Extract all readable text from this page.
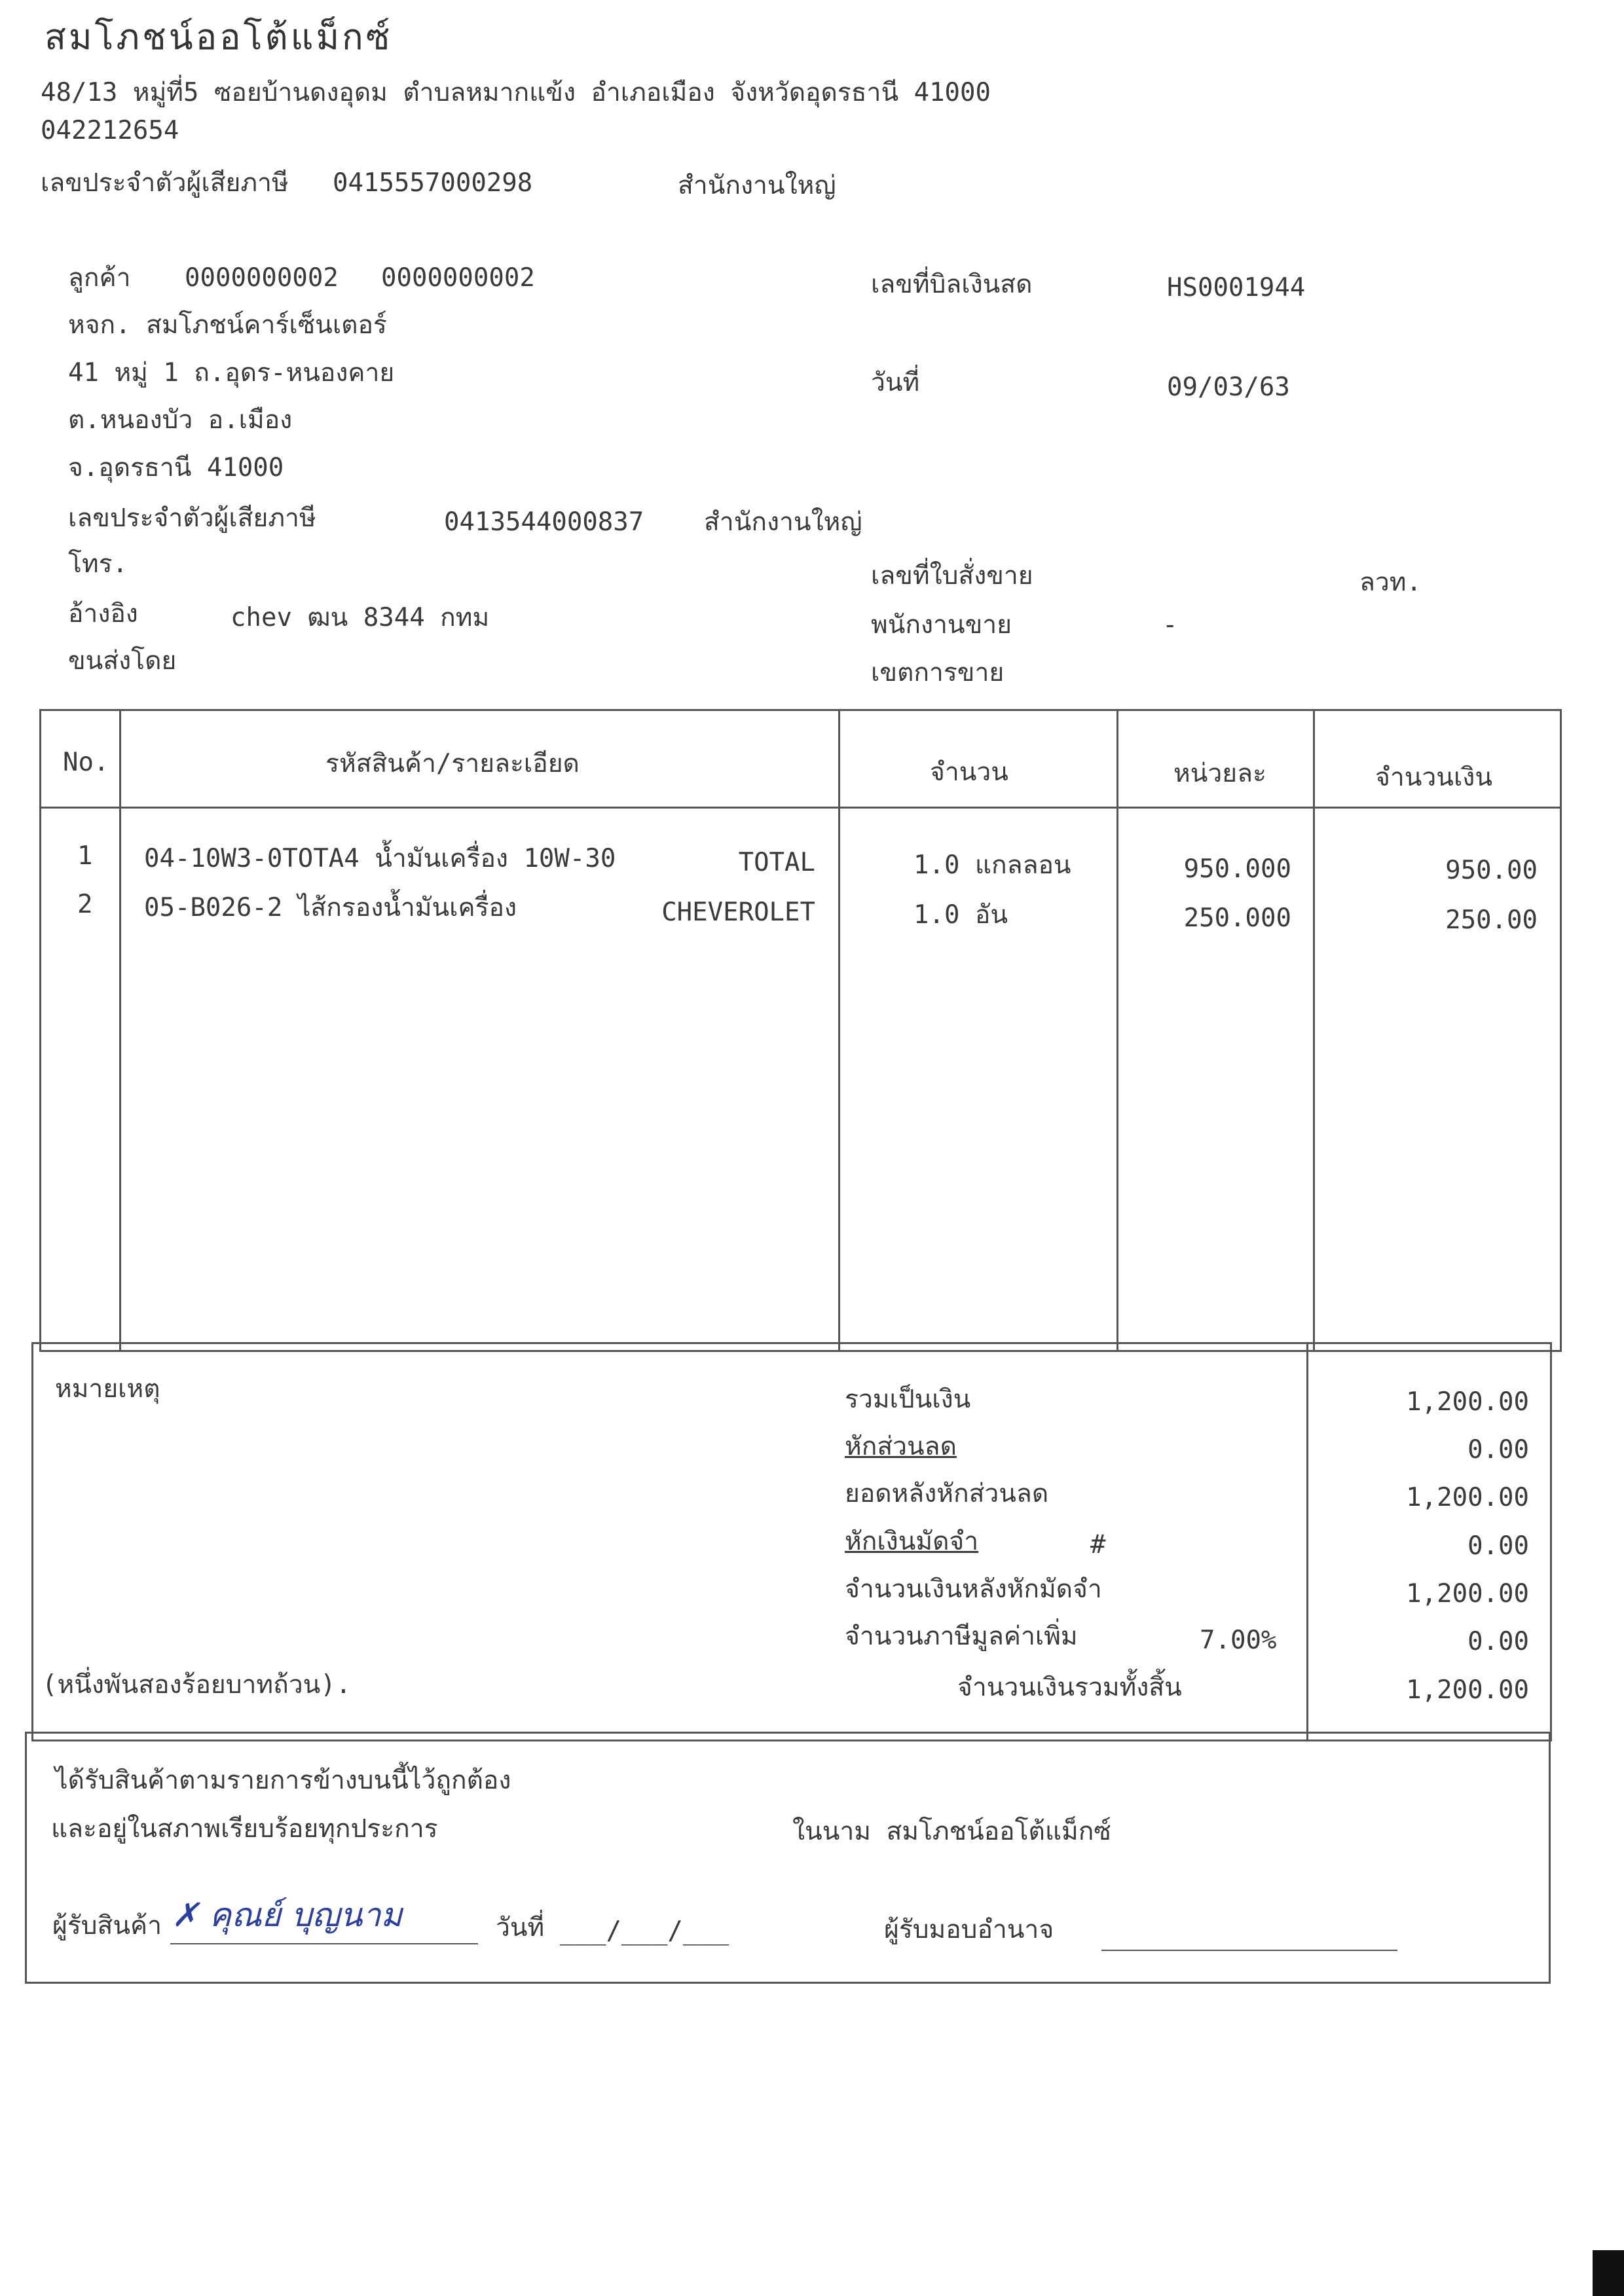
สมโภชน์ออโต้แม็กซ์
48/13 หมู่ที่5 ซอยบ้านดงอุดม ตำบลหมากแข้ง อำเภอเมือง จังหวัดอุดรธานี 41000
042212654
เลขประจำตัวผู้เสียภาษี 0415557000298	สำนักงานใหญ่
ลูกค้า 0000000002 0000000002
หจก. สมโภชน์คาร์เซ็นเตอร์
41 หมู่ 1 ถ.อุดร-หนองคาย
ต.หนองบัว อ.เมือง
จ.อุดรธานี 41000
เลขประจำตัวผู้เสียภาษี	0413544000837 สำนักงานใหญ่
โทร.
อ้างอิง	chev ฒน 8344 กทม
ขนส่งโดย
เลขที่บิลเงินสด	HS0001944
วันที่	09/03/63
เลขที่ใบสั่งขาย	ลวท.
พนักงานขาย	-
เขตการขาย
No.	รหัสสินค้า/รายละเอียด	จำนวน	หน่วยละ	จำนวนเงิน
1 04-10W3-0TOTA4 น้ำมันเครื่อง 10W-30	TOTAL	1.0 แกลลอน	950.000	950.00
2 05-B026-2 ไส้กรองน้ำมันเครื่อง	CHEVEROLET	1.0 อัน	250.000	250.00
หมายเหตุ
(หนึ่งพันสองร้อยบาทถ้วน).
รวมเป็นเงิน	1,200.00
หักส่วนลด	0.00
ยอดหลังหักส่วนลด	1,200.00
หักเงินมัดจำ	#	0.00
จำนวนเงินหลังหักมัดจำ	1,200.00
จำนวนภาษีมูลค่าเพิ่ม	7.00%	0.00
จำนวนเงินรวมทั้งสิ้น	1,200.00
ได้รับสินค้าตามรายการข้างบนนี้ไว้ถูกต้อง
และอยู่ในสภาพเรียบร้อยทุกประการ	ในนาม สมโภชน์ออโต้แม็กซ์
ผู้รับสินค้า ✗ คุณย์ บุญนาม	วันที่ ___/___/___	ผู้รับมอบอำนาจ
